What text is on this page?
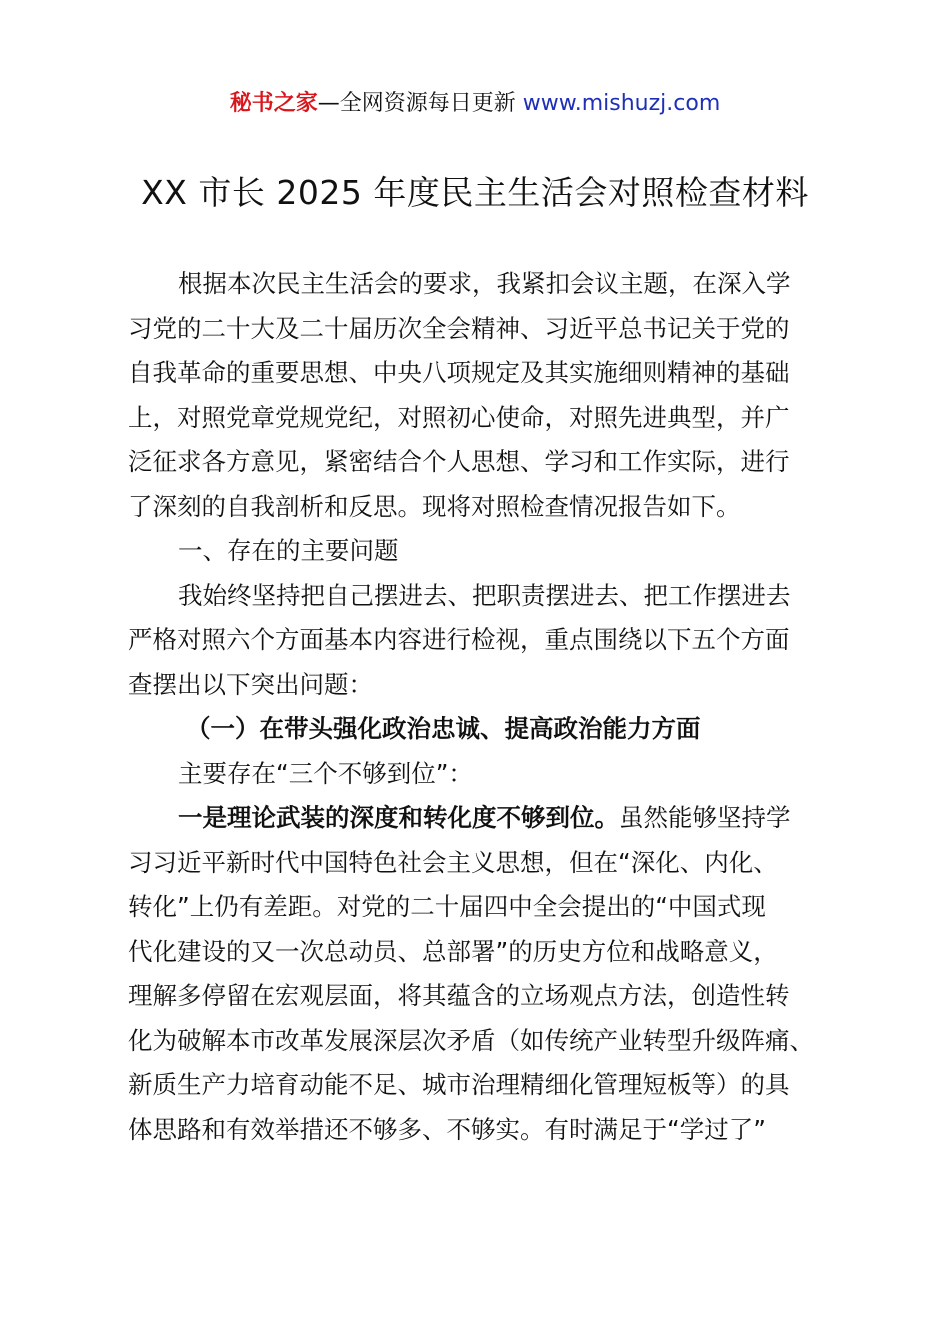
秘书之家—全网资源每日更新 www.mishuzj.com
XX 市长 2025 年度民主生活会对照检查材料
根据本次民主生活会的要求，我紧扣会议主题，在深入学
习党的二十大及二十届历次全会精神、习近平总书记关于党的
自我革命的重要思想、中央八项规定及其实施细则精神的基础
上，对照党章党规党纪，对照初心使命，对照先进典型，并广
泛征求各方意见，紧密结合个人思想、学习和工作实际，进行
了深刻的自我剖析和反思。现将对照检查情况报告如下。
一、存在的主要问题
我始终坚持把自己摆进去、把职责摆进去、把工作摆进去
严格对照六个方面基本内容进行检视，重点围绕以下五个方面
查摆出以下突出问题：
（一）在带头强化政治忠诚、提高政治能力方面
主要存在“三个不够到位”：
一是理论武装的深度和转化度不够到位。虽然能够坚持学
习习近平新时代中国特色社会主义思想，但在“深化、内化、
转化”上仍有差距。对党的二十届四中全会提出的“中国式现
代化建设的又一次总动员、总部署”的历史方位和战略意义，
理解多停留在宏观层面，将其蕴含的立场观点方法，创造性转
化为破解本市改革发展深层次矛盾（如传统产业转型升级阵痛、
新质生产力培育动能不足、城市治理精细化管理短板等）的具
体思路和有效举措还不够多、不够实。有时满足于“学过了”
